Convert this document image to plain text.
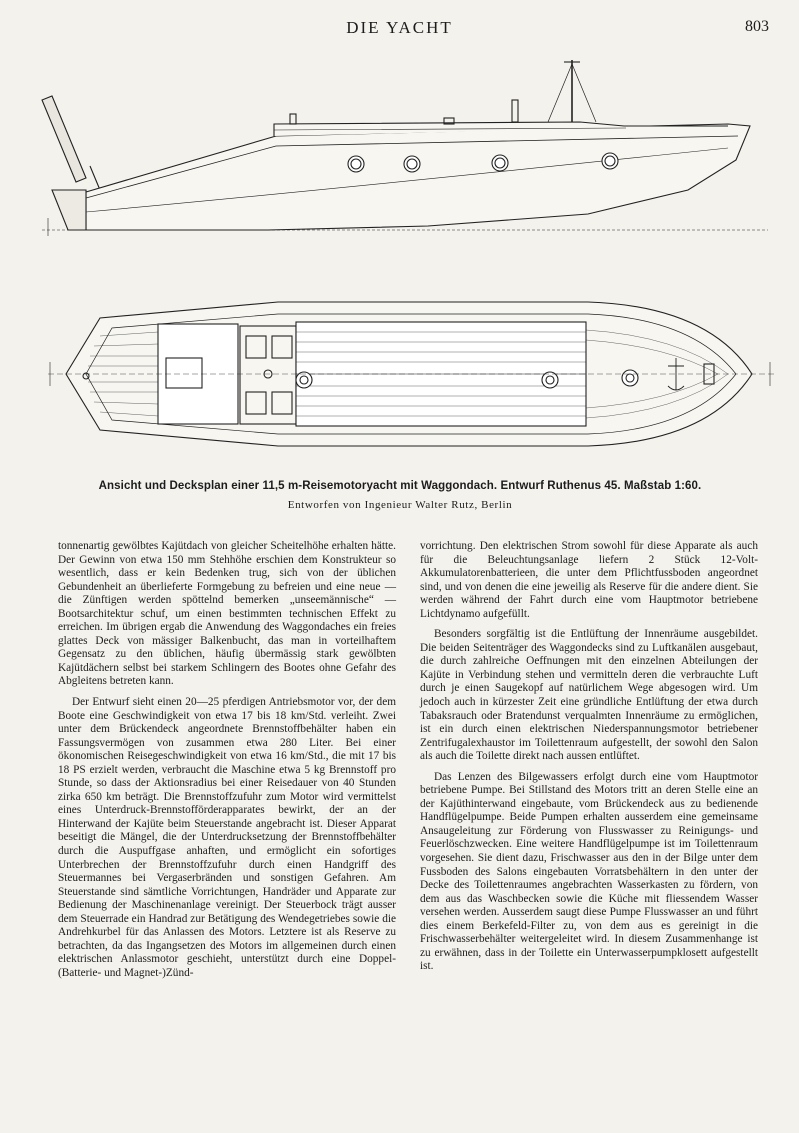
DIE YACHT	803
Ansicht und Decksplan einer 11,5 m-Reisemotoryacht mit Waggondach. Entwurf Ruthenus 45. Maßstab 1:60.
Entworfen von Ingenieur Walter Rutz, Berlin

tonnenartig gewölbtes Kajütdach von gleicher Scheitelhöhe erhalten hätte. Der Gewinn von etwa 150 mm Stehhöhe erschien dem Konstrukteur so wesentlich, dass er kein Bedenken trug, sich von der üblichen Gebundenheit an überlieferte Formgebung zu befreien und eine neue — die Zünftigen werden spöttelnd bemerken „unseemännische“ — Bootsarchitektur schuf, um einen bestimmten technischen Effekt zu erreichen. Im übrigen ergab die Anwendung des Waggondaches ein freies glattes Deck von mässiger Balkenbucht, das man in vorteilhaftem Gegensatz zu den üblichen, häufig übermässig stark gewölbten Kajütdächern selbst bei starkem Schlingern des Bootes ohne Gefahr des Abgleitens betreten kann.

Der Entwurf sieht einen 20—25 pferdigen Antriebsmotor vor, der dem Boote eine Geschwindigkeit von etwa 17 bis 18 km/Std. verleiht. Zwei unter dem Brückendeck angeordnete Brennstoffbehälter haben ein Fassungsvermögen von zusammen etwa 280 Liter. Bei einer ökonomischen Reisegeschwindigkeit von etwa 16 km/Std., die mit 17 bis 18 PS erzielt werden, verbraucht die Maschine etwa 5 kg Brennstoff pro Stunde, so dass der Aktionsradius bei einer Reisedauer von 40 Stunden zirka 650 km beträgt. Die Brennstoffzufuhr zum Motor wird vermittelst eines Unterdruck-Brennstofförderapparates bewirkt, der an der Hinterwand der Kajüte beim Steuerstande angebracht ist. Dieser Apparat beseitigt die Mängel, die der Unterdrucksetzung der Brennstoffbehälter durch die Auspuffgase anhaften, und ermöglicht ein sofortiges Unterbrechen der Brennstoffzufuhr durch einen Handgriff des Steuermannes bei Vergaserbränden und sonstigen Gefahren. Am Steuerstande sind sämtliche Vorrichtungen, Handräder und Apparate zur Bedienung der Maschinenanlage vereinigt. Der Steuerbock trägt ausser dem Steuerrade ein Handrad zur Betätigung des Wendegetriebes sowie die Andrehkurbel für das Anlassen des Motors. Letztere ist als Reserve zu betrachten, da das Ingangsetzen des Motors im allgemeinen durch einen elektrischen Anlassmotor geschieht, unterstützt durch eine Doppel-(Batterie- und Magnet-)Zünd-

vorrichtung. Den elektrischen Strom sowohl für diese Apparate als auch für die Beleuchtungsanlage liefern 2 Stück 12-Volt-Akkumulatorenbatterieen, die unter dem Pflichtfussboden angeordnet sind, und von denen die eine jeweilig als Reserve für die andere dient. Sie werden während der Fahrt durch eine vom Hauptmotor betriebene Lichtdynamo aufgefüllt.

Besonders sorgfältig ist die Entlüftung der Innenräume ausgebildet. Die beiden Seitenträger des Waggondecks sind zu Luftkanälen ausgebaut, die durch zahlreiche Oeffnungen mit den einzelnen Abteilungen der Kajüte in Verbindung stehen und vermitteln deren die verbrauchte Luft durch je einen Saugekopf auf natürlichem Wege abgesogen wird. Um jedoch auch in kürzester Zeit eine gründliche Entlüftung der etwa durch Tabaksrauch oder Bratendunst verqualmten Innenräume zu ermöglichen, ist ein durch einen elektrischen Niederspannungsmotor betriebener Zentrifugalexhaustor im Toilettenraum aufgestellt, der sowohl den Salon als auch die Toilette direkt nach aussen entlüftet.

Das Lenzen des Bilgewassers erfolgt durch eine vom Hauptmotor betriebene Pumpe. Bei Stillstand des Motors tritt an deren Stelle eine an der Kajüthinterwand eingebaute, vom Brückendeck aus zu bedienende Handflügelpumpe. Beide Pumpen erhalten ausserdem eine gemeinsame Ansaugeleitung zur Förderung von Flusswasser zu Reinigungs- und Feuerlöschzwecken. Eine weitere Handflügelpumpe ist im Toilettenraum vorgesehen. Sie dient dazu, Frischwasser aus den in der Bilge unter dem Fussboden des Salons eingebauten Vorratsbehältern in den unter der Decke des Toilettenraumes angebrachten Wasserkasten zu fördern, von dem aus das Waschbecken sowie die Küche mit fliessendem Wasser versehen werden. Ausserdem saugt diese Pumpe Flusswasser an und führt dies einem Berkefeld-Filter zu, von dem aus es gereinigt in die Frischwasserbehälter weitergeleitet wird. In diesem Zusammenhange ist zu erwähnen, dass in der Toilette ein Unterwasserpumpklosett aufgestellt ist.
